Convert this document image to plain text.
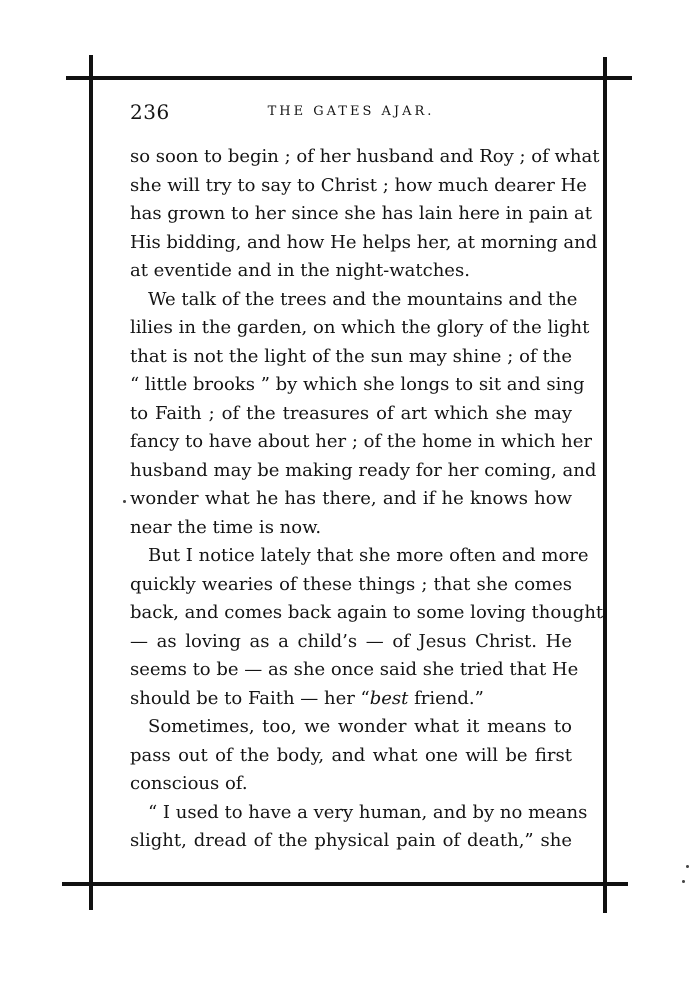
236	THE GATES AJAR.
so soon to begin ; of her husband and Roy ; of what
she will try to say to Christ ; how much dearer He
has grown to her since she has lain here in pain at
His bidding, and how He helps her, at morning and
at eventide and in the night-watches.
We talk of the trees and the mountains and the
lilies in the garden, on which the glory of the light
that is not the light of the sun may shine ; of the
“ little brooks ” by which she longs to sit and sing
to Faith ; of the treasures of art which she may
fancy to have about her ; of the home in which her
husband may be making ready for her coming, and
wonder what he has there, and if he knows how
near the time is now.
But I notice lately that she more often and more
quickly wearies of these things ; that she comes
back, and comes back again to some loving thought
— as loving as a child’s — of Jesus Christ. He
seems to be — as she once said she tried that He
should be to Faith — her “best friend.”
Sometimes, too, we wonder what it means to
pass out of the body, and what one will be first
conscious of.
“ I used to have a very human, and by no means
slight, dread of the physical pain of death,” she
